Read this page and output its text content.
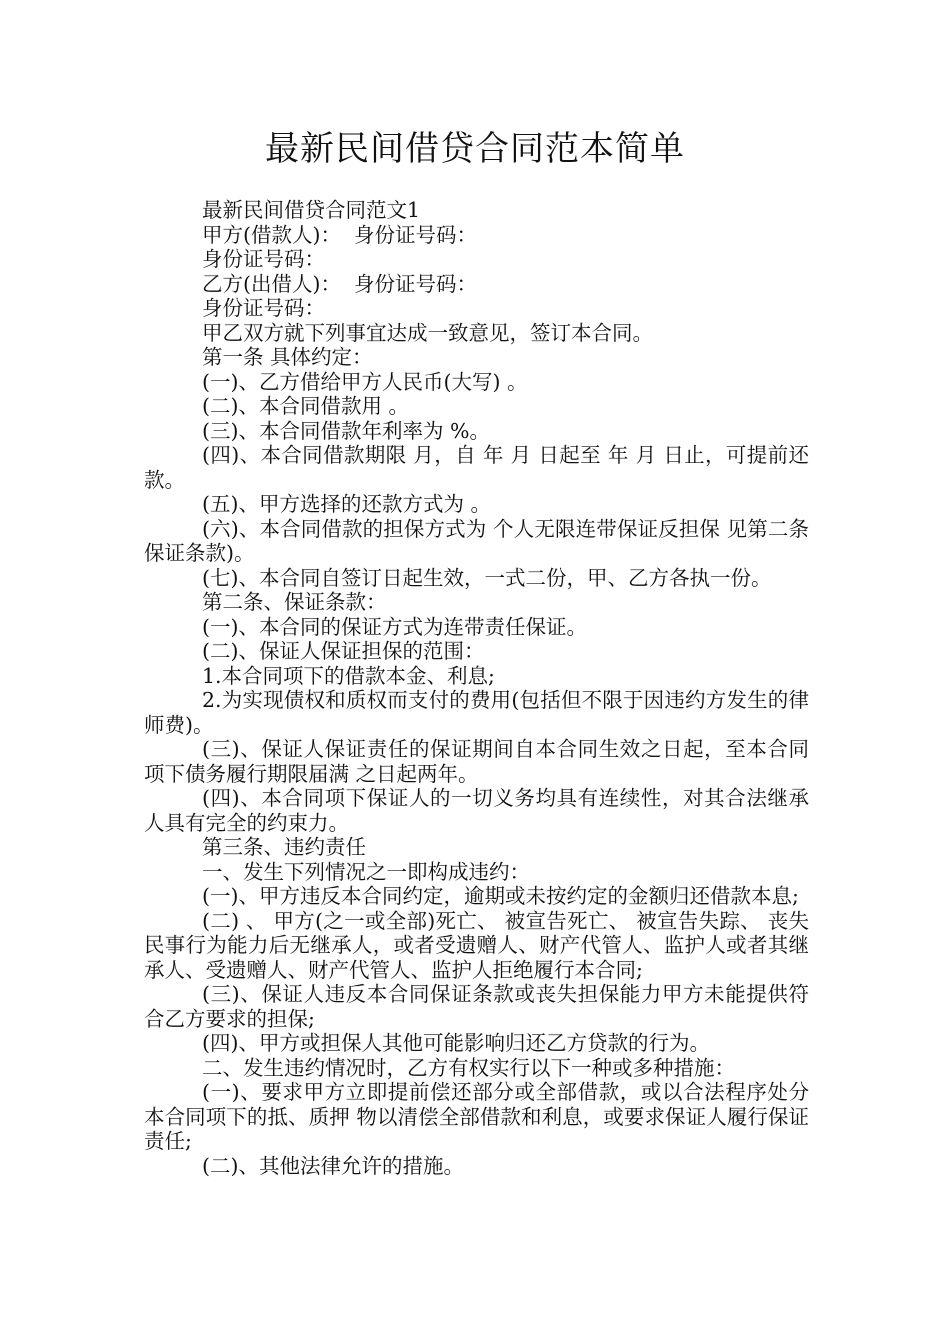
最新民间借贷合同范本简单

最新民间借贷合同范文1

甲方(借款人)：  身份证号码：

身份证号码：

乙方(出借人)：  身份证号码：

身份证号码：

甲乙双方就下列事宜达成一致意见，签订本合同。

第一条 具体约定：

(一)、乙方借给甲方人民币(大写) 。

(二)、本合同借款用 。

(三)、本合同借款年利率为 %。

(四)、本合同借款期限 月，自 年 月 日起至 年 月 日止，可提前还款。

(五)、甲方选择的还款方式为 。

(六)、本合同借款的担保方式为 个人无限连带保证反担保 见第二条保证条款)。

(七)、本合同自签订日起生效，一式二份，甲、乙方各执一份。

第二条、保证条款：

(一)、本合同的保证方式为连带责任保证。

(二)、保证人保证担保的范围：

1.本合同项下的借款本金、利息;

2.为实现债权和质权而支付的费用(包括但不限于因违约方发生的律师费)。

(三)、保证人保证责任的保证期间自本合同生效之日起，至本合同项下债务履行期限届满 之日起两年。

(四)、本合同项下保证人的一切义务均具有连续性，对其合法继承人具有完全的约束力。

第三条、违约责任

一、发生下列情况之一即构成违约：

(一)、甲方违反本合同约定，逾期或未按约定的金额归还借款本息;

(二) 、 甲方(之一或全部)死亡、 被宣告死亡、 被宣告失踪、 丧失民事行为能力后无继承人，或者受遗赠人、财产代管人、监护人或者其继承人、受遗赠人、财产代管人、监护人拒绝履行本合同;

(三)、保证人违反本合同保证条款或丧失担保能力甲方未能提供符合乙方要求的担保;

(四)、甲方或担保人其他可能影响归还乙方贷款的行为。

二、发生违约情况时，乙方有权实行以下一种或多种措施：

(一)、要求甲方立即提前偿还部分或全部借款，或以合法程序处分本合同项下的抵、质押 物以清偿全部借款和利息，或要求保证人履行保证责任;

(二)、其他法律允许的措施。
